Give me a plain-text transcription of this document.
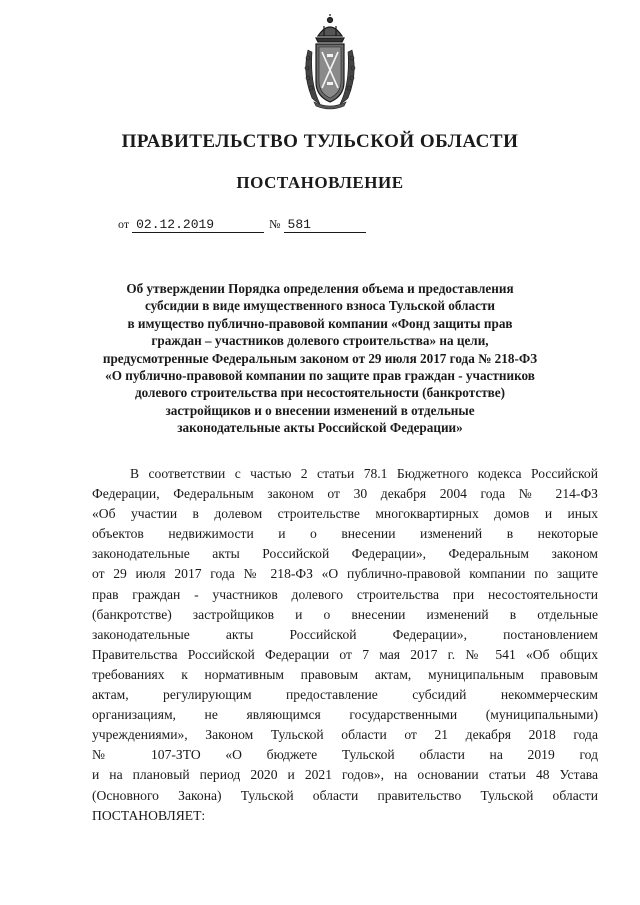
ПРАВИТЕЛЬСТВО ТУЛЬСКОЙ ОБЛАСТИ
ПОСТАНОВЛЕНИЕ
от 02.12.2019	№ 581
Об утверждении Порядка определения объема и предоставления
субсидии в виде имущественного взноса Тульской области
в имущество публично-правовой компании «Фонд защиты прав
граждан – участников долевого строительства» на цели,
предусмотренные Федеральным законом от 29 июля 2017 года № 218-ФЗ
«О публично-правовой компании по защите прав граждан - участников
долевого строительства при несостоятельности (банкротстве)
застройщиков и о внесении изменений в отдельные
законодательные акты Российской Федерации»
В соответствии с частью 2 статьи 78.1 Бюджетного кодекса Российской
Федерации, Федеральным законом от 30 декабря 2004 года № 214-ФЗ
«Об участии в долевом строительстве многоквартирных домов и иных
объектов недвижимости и о внесении изменений в некоторые
законодательные акты Российской Федерации», Федеральным законом
от 29 июля 2017 года № 218-ФЗ «О публично-правовой компании по защите
прав граждан - участников долевого строительства при несостоятельности
(банкротстве) застройщиков и о внесении изменений в отдельные
законодательные акты Российской Федерации», постановлением
Правительства Российской Федерации от 7 мая 2017 г. № 541 «Об общих
требованиях к нормативным правовым актам, муниципальным правовым
актам, регулирующим предоставление субсидий некоммерческим
организациям, не являющимся государственными (муниципальными)
учреждениями», Законом Тульской области от 21 декабря 2018 года
№ 107-ЗТО «О бюджете Тульской области на 2019 год
и на плановый период 2020 и 2021 годов», на основании статьи 48 Устава
(Основного Закона) Тульской области правительство Тульской области
ПОСТАНОВЛЯЕТ:
